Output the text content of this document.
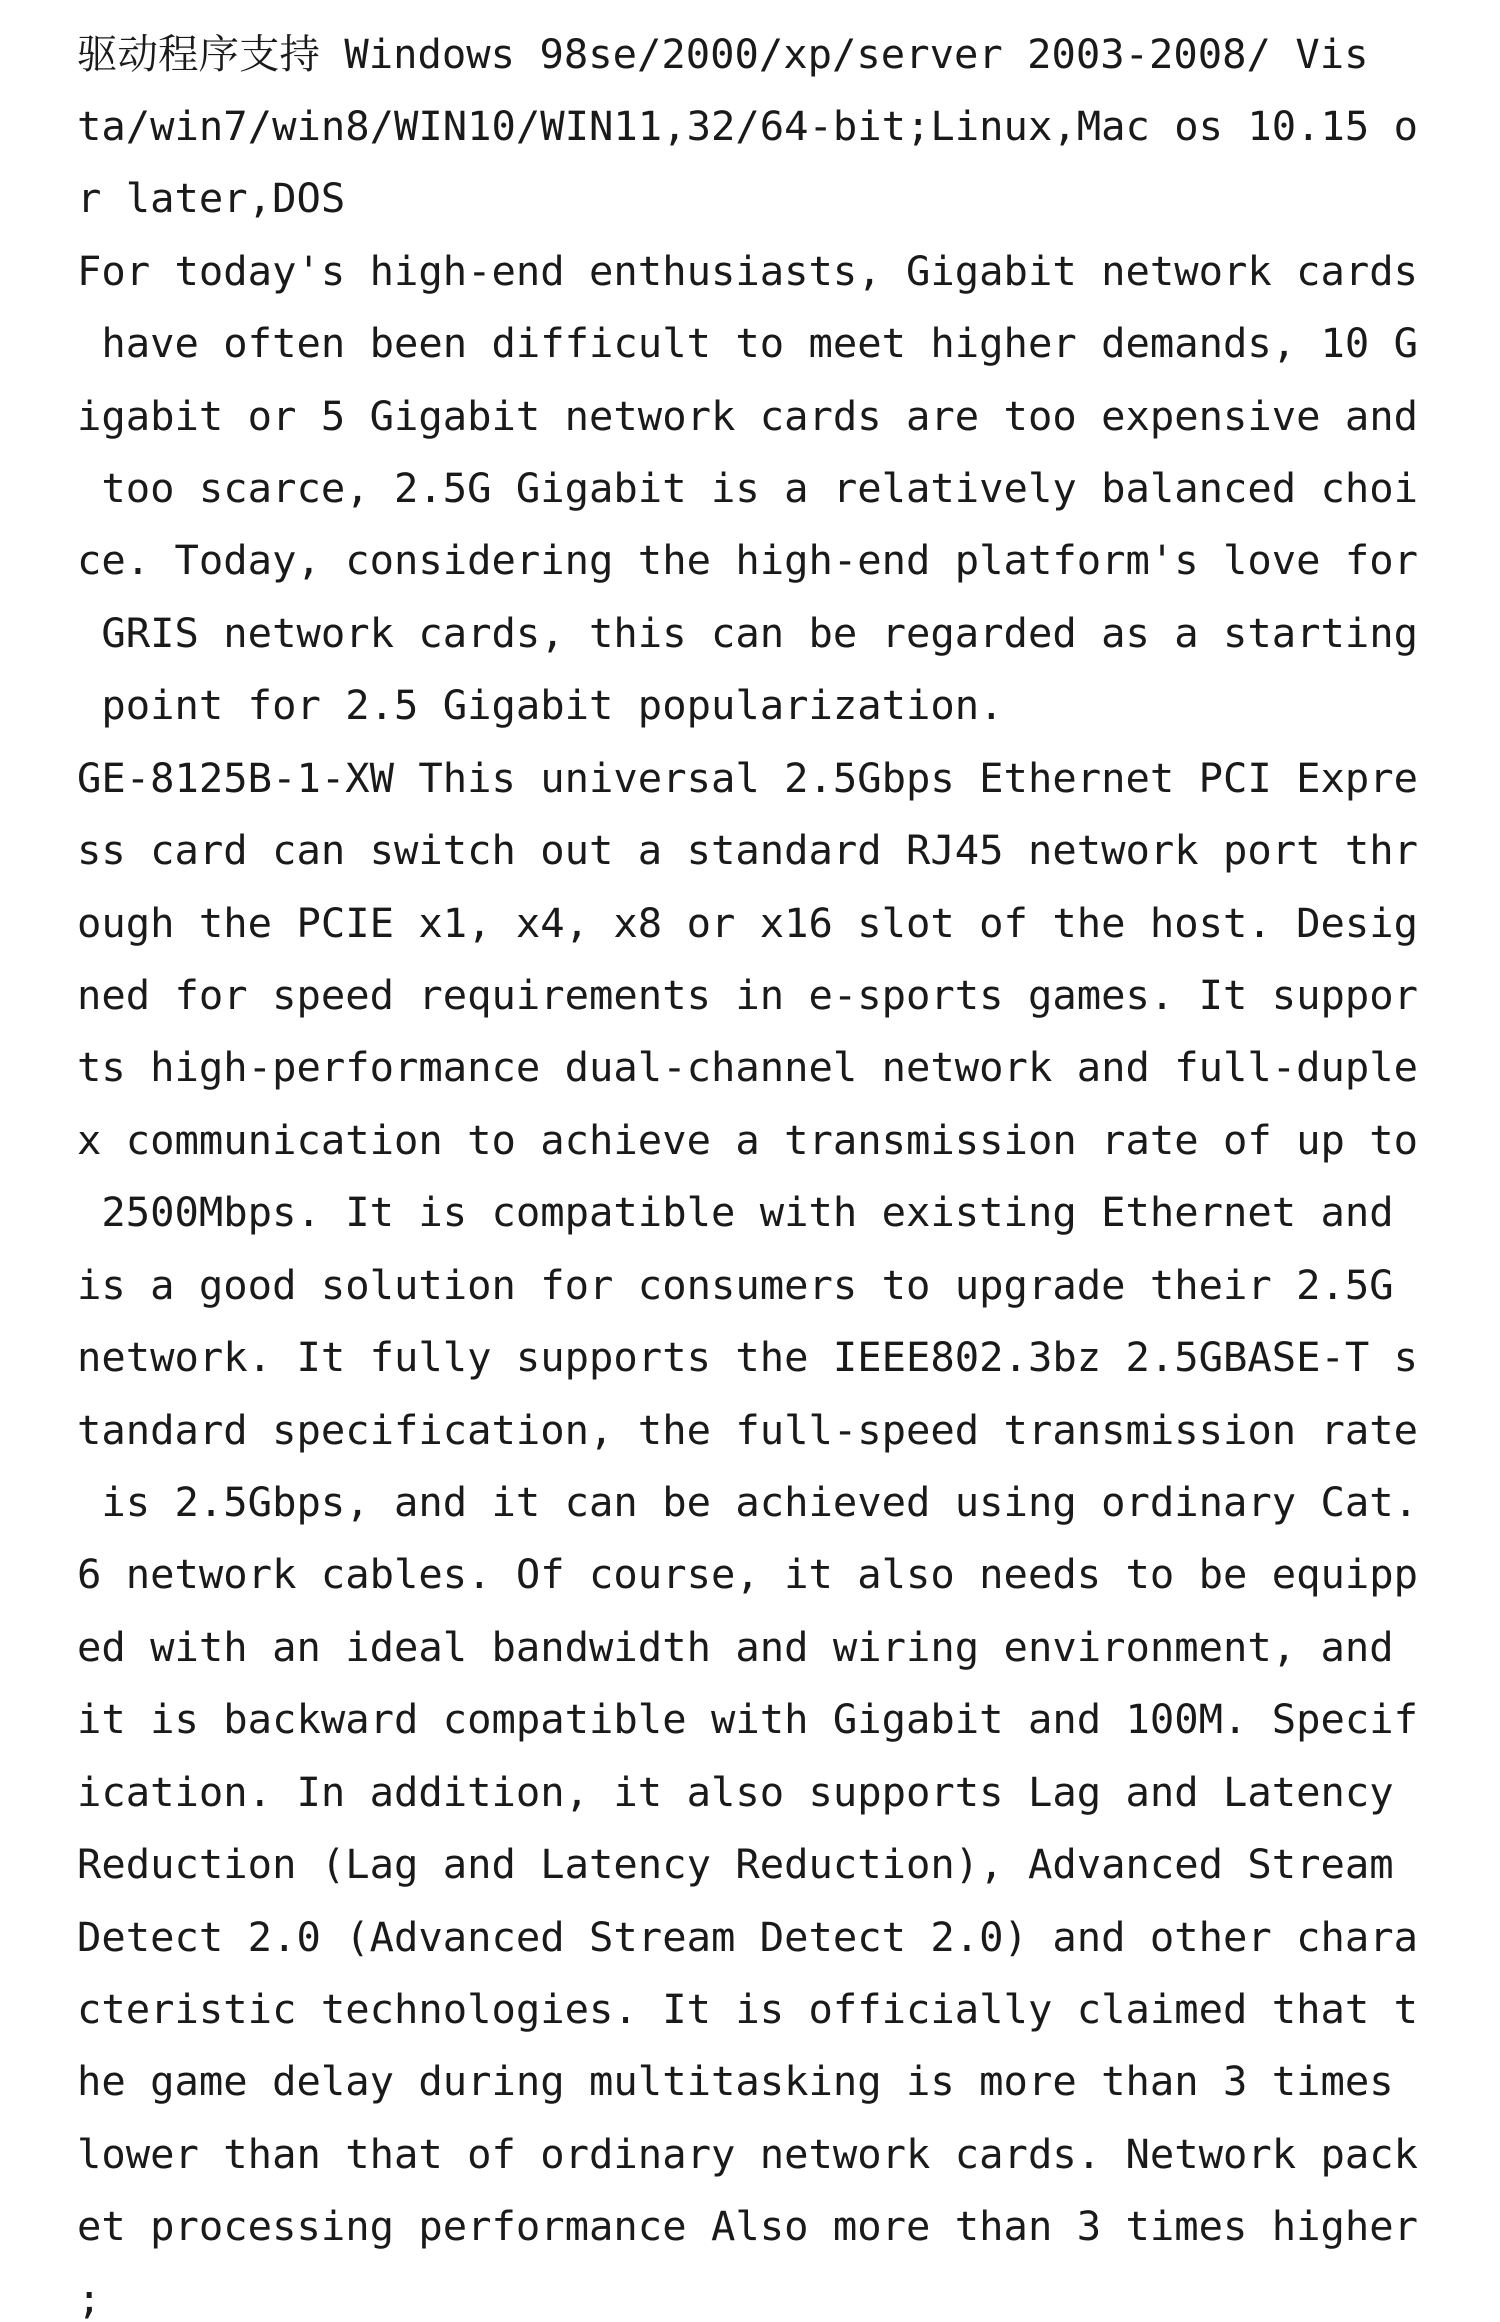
驱动程序支持 Windows 98se/2000/xp/server 2003-2008/ Vis
ta/win7/win8/WIN10/WIN11,32/64-bit;Linux,Mac os 10.15 o
r later,DOS
For today's high-end enthusiasts, Gigabit network cards
have often been difficult to meet higher demands, 10 G
igabit or 5 Gigabit network cards are too expensive and
too scarce, 2.5G Gigabit is a relatively balanced choi
ce. Today, considering the high-end platform's love for
GRIS network cards, this can be regarded as a starting
point for 2.5 Gigabit popularization.
GE-8125B-1-XW This universal 2.5Gbps Ethernet PCI Expre
ss card can switch out a standard RJ45 network port thr
ough the PCIE x1, x4, x8 or x16 slot of the host. Desig
ned for speed requirements in e-sports games. It suppor
ts high-performance dual-channel network and full-duple
x communication to achieve a transmission rate of up to
2500Mbps. It is compatible with existing Ethernet and
is a good solution for consumers to upgrade their 2.5G
network. It fully supports the IEEE802.3bz 2.5GBASE-T s
tandard specification, the full-speed transmission rate
is 2.5Gbps, and it can be achieved using ordinary Cat.
6 network cables. Of course, it also needs to be equipp
ed with an ideal bandwidth and wiring environment, and
it is backward compatible with Gigabit and 100M. Specif
ication. In addition, it also supports Lag and Latency
Reduction (Lag and Latency Reduction), Advanced Stream
Detect 2.0 (Advanced Stream Detect 2.0) and other chara
cteristic technologies. It is officially claimed that t
he game delay during multitasking is more than 3 times
lower than that of ordinary network cards. Network pack
et processing performance Also more than 3 times higher
;
